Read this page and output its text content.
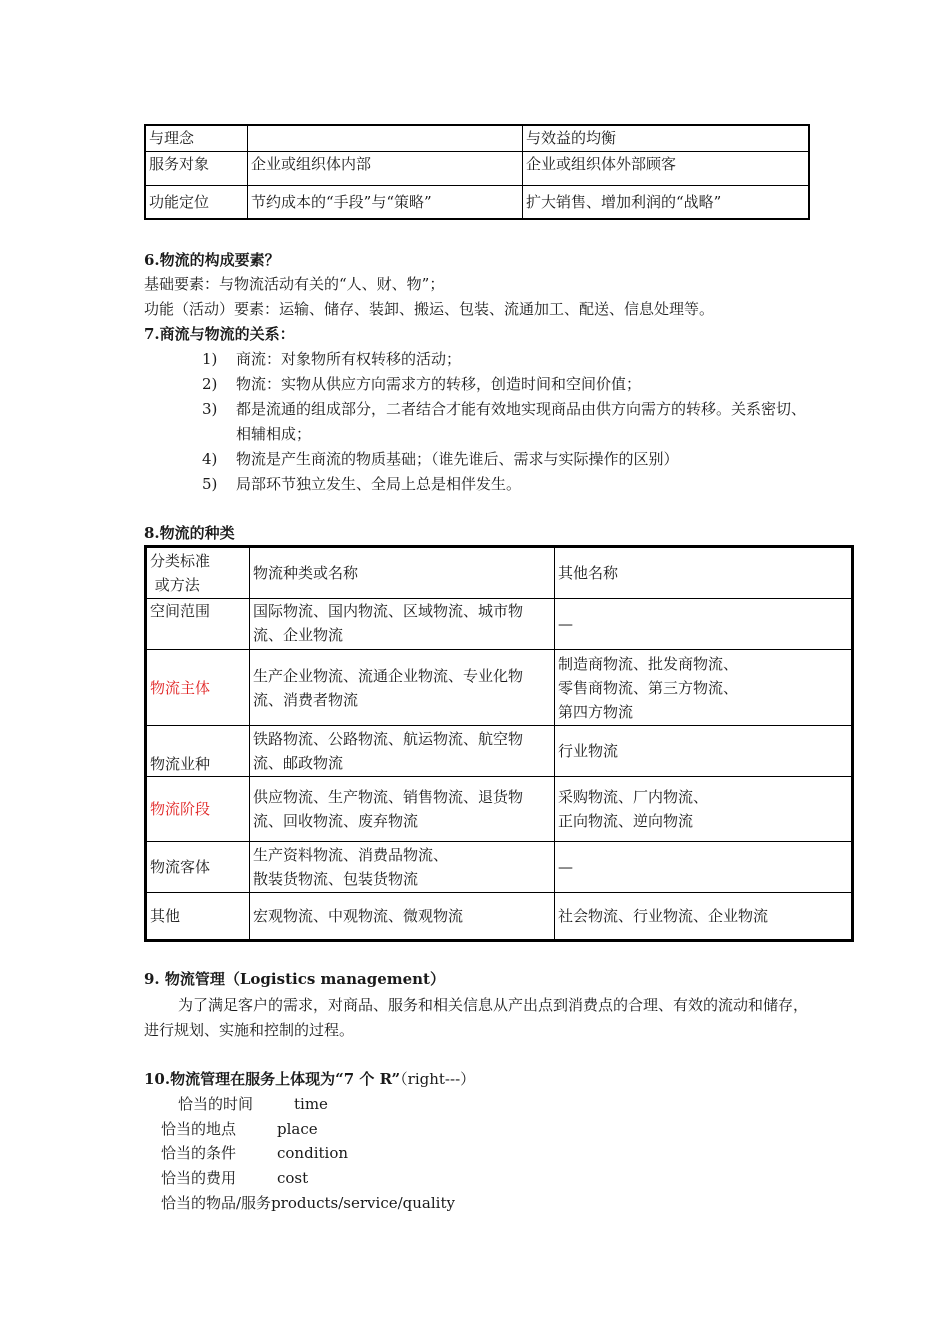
与理念		与效益的均衡
服务对象	企业或组织体内部	企业或组织体外部顾客
功能定位	节约成本的“手段”与“策略”	扩大销售、增加利润的“战略”
6.物流的构成要素？
基础要素：与物流活动有关的“人、财、物”；
功能（活动）要素：运输、储存、装卸、搬运、包装、流通加工、配送、信息处理等。
7.商流与物流的关系：
1) 商流：对象物所有权转移的活动；
2) 物流：实物从供应方向需求方的转移，创造时间和空间价值；
3) 都是流通的组成部分，二者结合才能有效地实现商品由供方向需方的转移。关系密切、相辅相成；
4) 物流是产生商流的物质基础；（谁先谁后、需求与实际操作的区别）
5) 局部环节独立发生、全局上总是相伴发生。
8.物流的种类
分类标准
或方法	物流种类或名称	其他名称
空间范围	国际物流、国内物流、区域物流、城市物流、企业物流	—
物流主体	生产企业物流、流通企业物流、专业化物流、消费者物流	制造商物流、批发商物流、
零售商物流、第三方物流、
第四方物流
物流业种	铁路物流、公路物流、航运物流、航空物流、邮政物流	行业物流
物流阶段	供应物流、生产物流、销售物流、退货物流、回收物流、废弃物流	采购物流、厂内物流、
正向物流、逆向物流
物流客体	生产资料物流、消费品物流、
散装货物流、包装货物流	—
其他	宏观物流、中观物流、微观物流	社会物流、行业物流、企业物流
9. 物流管理（Logistics management）
为了满足客户的需求，对商品、服务和相关信息从产出点到消费点的合理、有效的流动和储存，进行规划、实施和控制的过程。
10.物流管理在服务上体现为“7 个 R”（right---）
恰当的时间	time
恰当的地点	place
恰当的条件	condition
恰当的费用	cost
恰当的物品/服务products/service/quality
